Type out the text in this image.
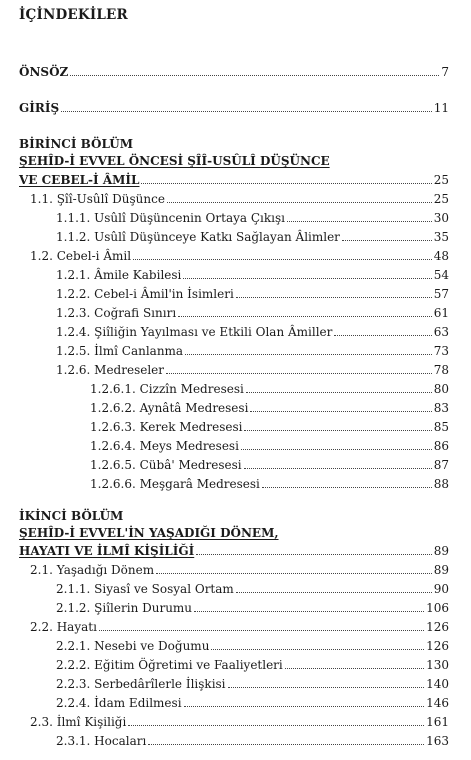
İÇİNDEKİLER
ÖNSÖZ	7
GİRİŞ	11
BİRİNCİ BÖLÜM
ŞEHÎD-İ EVVEL ÖNCESİ ŞÎÎ-USÛLÎ DÜŞÜNCE
VE CEBEL-İ ÂMİL	25
1.1. Şîî-Usûlî Düşünce	25
1.1.1. Usûlî Düşüncenin Ortaya Çıkışı	30
1.1.2. Usûlî Düşünceye Katkı Sağlayan Âlimler	35
1.2. Cebel-i Âmil	48
1.2.1. Âmile Kabilesi	54
1.2.2. Cebel-i Âmil'in İsimleri	57
1.2.3. Coğrafi Sınırı	61
1.2.4. Şiîliğin Yayılması ve Etkili Olan Âmiller	63
1.2.5. İlmî Canlanma	73
1.2.6. Medreseler	78
1.2.6.1. Cizzîn Medresesi	80
1.2.6.2. Aynâtâ Medresesi	83
1.2.6.3. Kerek Medresesi	85
1.2.6.4. Meys Medresesi	86
1.2.6.5. Cübâ' Medresesi	87
1.2.6.6. Meşgarâ Medresesi	88
İKİNCİ BÖLÜM
ŞEHÎD-İ EVVEL'İN YAŞADIĞI DÖNEM,
HAYATI VE İLMÎ KİŞİLİĞİ	89
2.1. Yaşadığı Dönem	89
2.1.1. Siyasî ve Sosyal Ortam	90
2.1.2. Şiîlerin Durumu	106
2.2. Hayatı	126
2.2.1. Nesebi ve Doğumu	126
2.2.2. Eğitim Öğretimi ve Faaliyetleri	130
2.2.3. Serbedârîlerle İlişkisi	140
2.2.4. İdam Edilmesi	146
2.3. İlmî Kişiliği	161
2.3.1. Hocaları	163
